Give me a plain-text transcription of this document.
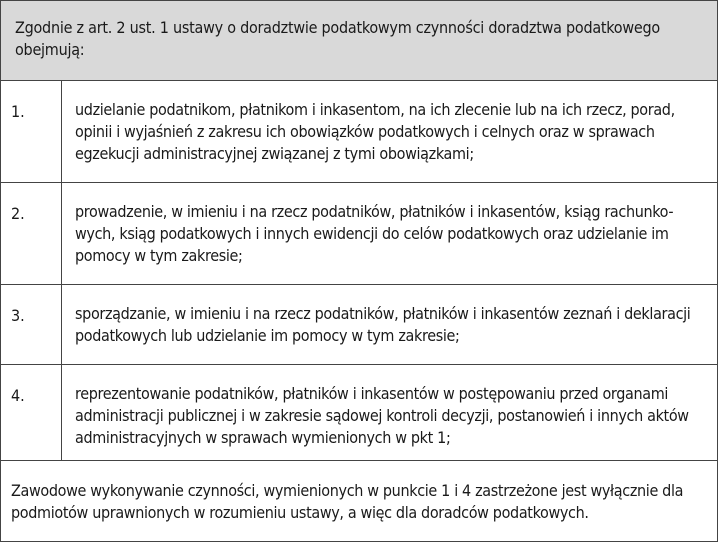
Zgodnie z art. 2 ust. 1 ustawy o doradztwie podatkowym czynności doradztwa podatkowego obejmują:
1.	udzielanie podatnikom, płatnikom i inkasentom, na ich zlecenie lub na ich rzecz, porad, opinii i wyjaśnień z zakresu ich obowiązków podatkowych i celnych oraz w sprawach egzekucji administracyjnej związanej z tymi obowiązkami;
2.	prowadzenie, w imieniu i na rzecz podatników, płatników i inkasentów, ksiąg rachunko-wych, ksiąg podatkowych i innych ewidencji do celów podatkowych oraz udzielanie im pomocy w tym zakresie;
3.	sporządzanie, w imieniu i na rzecz podatników, płatników i inkasentów zeznań i deklaracji podatkowych lub udzielanie im pomocy w tym zakresie;
4.	reprezentowanie podatników, płatników i inkasentów w postępowaniu przed organami administracji publicznej i w zakresie sądowej kontroli decyzji, postanowień i innych aktów administracyjnych w sprawach wymienionych w pkt 1;
Zawodowe wykonywanie czynności, wymienionych w punkcie 1 i 4 zastrzeżone jest wyłącznie dla podmiotów uprawnionych w rozumieniu ustawy, a więc dla doradców podatkowych.
